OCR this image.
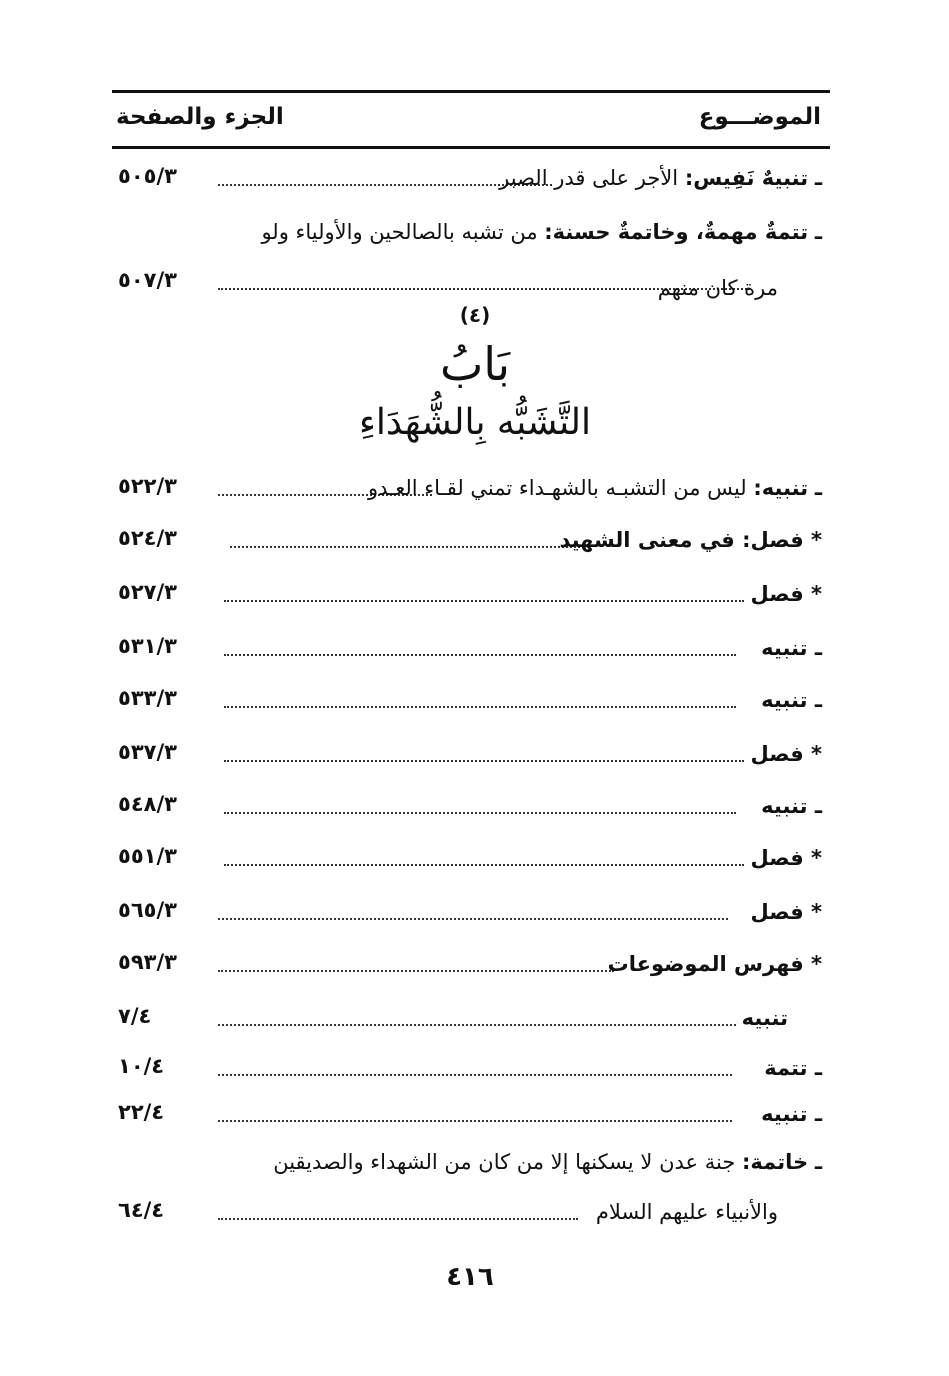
الموضـــوع
الجزء والصفحة
٥٠٥/٣	ـ تنبيهٌ نَفِيس: الأجر على قدر الصبر
ـ تتمةٌ مهمةٌ، وخاتمةٌ حسنة: من تشبه بالصالحين والأولياء ولو
٥٠٧/٣	مرة كان منهم
(٤)
بَابُ
التَّشَبُّه بِالشُّهَدَاءِ
٥٢٢/٣	ـ تنبيه: ليس من التشبـه بالشهـداء تمني لقـاء العـدو
٥٢٤/٣	* فصل: في معنى الشهيد
٥٢٧/٣	* فصل
٥٣١/٣	ـ تنبيه
٥٣٣/٣	ـ تنبيه
٥٣٧/٣	* فصل
٥٤٨/٣	ـ تنبيه
٥٥١/٣	* فصل
٥٦٥/٣	* فصل
٥٩٣/٣	* فهرس الموضوعات
٧/٤	تنبيه
١٠/٤	ـ تتمة
٢٢/٤	ـ تنبيه
ـ خاتمة: جنة عدن لا يسكنها إلا من كان من الشهداء والصديقين
٦٤/٤	والأنبياء عليهم السلام
٤١٦
